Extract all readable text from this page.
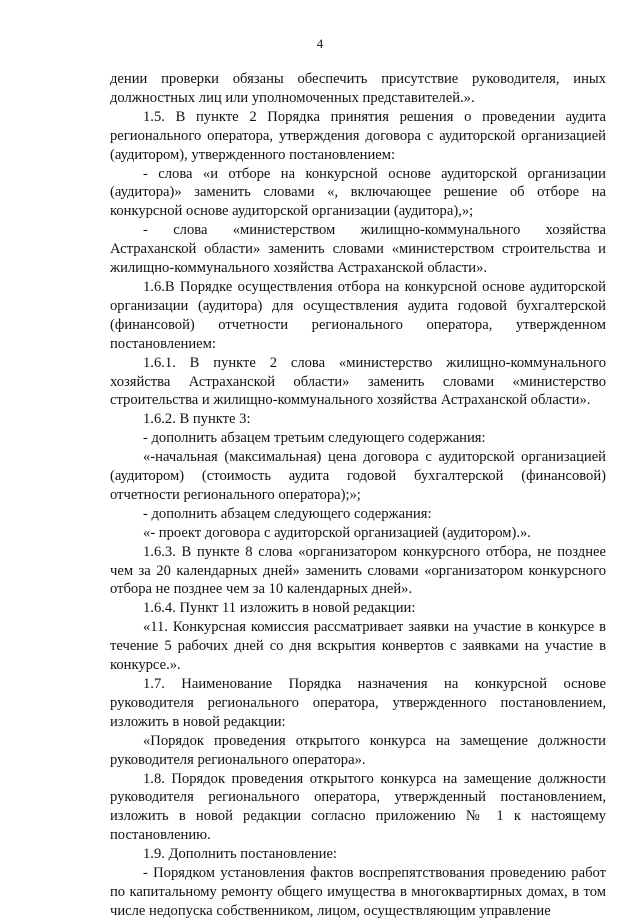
4

дении проверки обязаны обеспечить присутствие руководителя, иных должностных лиц или уполномоченных представителей.».

1.5. В пункте 2 Порядка принятия решения о проведении аудита регионального оператора, утверждения договора с аудиторской организацией (аудитором), утвержденного постановлением:

- слова «и отборе на конкурсной основе аудиторской организации (аудитора)» заменить словами «, включающее решение об отборе на конкурсной основе аудиторской организации (аудитора),»;

- слова «министерством жилищно-коммунального хозяйства Астраханской области» заменить словами «министерством строительства и жилищно-коммунального хозяйства Астраханской области».

1.6.В Порядке осуществления отбора на конкурсной основе аудиторской организации (аудитора) для осуществления аудита годовой бухгалтерской (финансовой) отчетности регионального оператора, утвержденном постановлением:

1.6.1. В пункте 2 слова «министерство жилищно-коммунального хозяйства Астраханской области» заменить словами «министерство строительства и жилищно-коммунального хозяйства Астраханской области».

1.6.2. В пункте 3:

- дополнить абзацем третьим следующего содержания:

«-начальная (максимальная) цена договора с аудиторской организацией (аудитором) (стоимость аудита годовой бухгалтерской (финансовой) отчетности регионального оператора);»;

- дополнить абзацем следующего содержания:

«- проект договора с аудиторской организацией (аудитором).».

1.6.3. В пункте 8 слова «организатором конкурсного отбора, не позднее чем за 20 календарных дней» заменить словами «организатором конкурсного отбора не позднее чем за 10 календарных дней».

1.6.4. Пункт 11 изложить в новой редакции:

«11. Конкурсная комиссия рассматривает заявки на участие в конкурсе в течение 5 рабочих дней со дня вскрытия конвертов с заявками на участие в конкурсе.».

1.7. Наименование Порядка назначения на конкурсной основе руководителя регионального оператора, утвержденного постановлением, изложить в новой редакции:

«Порядок проведения открытого конкурса на замещение должности руководителя регионального оператора».

1.8. Порядок проведения открытого конкурса на замещение должности руководителя регионального оператора, утвержденный постановлением, изложить в новой редакции согласно приложению № 1 к настоящему постановлению.

1.9. Дополнить постановление:

- Порядком установления фактов воспрепятствования проведению работ по капитальному ремонту общего имущества в многоквартирных домах, в том числе недопуска собственником, лицом, осуществляющим управление
